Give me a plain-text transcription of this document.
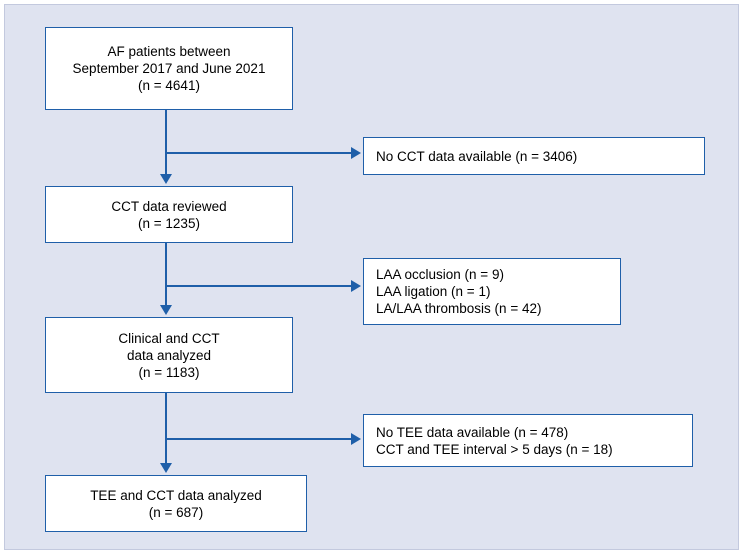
AF patients between
September 2017 and June 2021
(n = 4641)
CCT data reviewed
(n = 1235)
Clinical and CCT
data analyzed
(n = 1183)
TEE and CCT data analyzed
(n = 687)
No CCT data available (n = 3406)
LAA occlusion (n = 9)
LAA ligation (n = 1)
LA/LAA thrombosis (n = 42)
No TEE data available (n = 478)
CCT and TEE interval > 5 days (n = 18)
